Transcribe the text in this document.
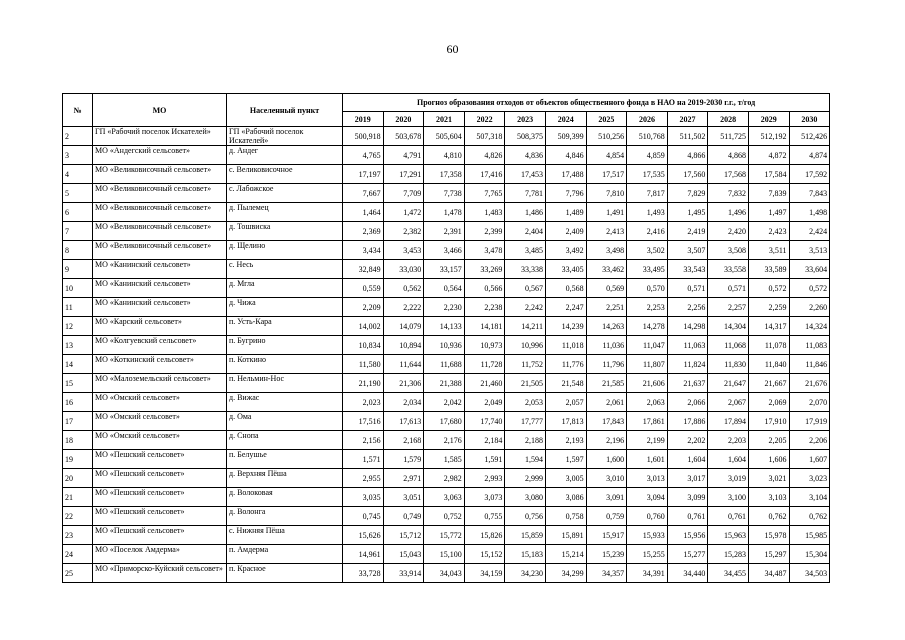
60
№	МО	Населенный пункт	Прогноз образования отходов от объектов общественного фонда в НАО на 2019-2030 г.г., т/год											
			2019	2020	2021	2022	2023	2024	2025	2026	2027	2028	2029	2030
2	ГП «Рабочий поселок Искателей»	ГП «Рабочий поселок Искателей»	500,918	503,678	505,604	507,318	508,375	509,399	510,256	510,768	511,502	511,725	512,192	512,426
3	МО «Андегский сельсовет»	д. Андег	4,765	4,791	4,810	4,826	4,836	4,846	4,854	4,859	4,866	4,868	4,872	4,874
4	МО «Великовисочный сельсовет»	с. Великовисочное	17,197	17,291	17,358	17,416	17,453	17,488	17,517	17,535	17,560	17,568	17,584	17,592
5	МО «Великовисочный сельсовет»	с. Лабожское	7,667	7,709	7,738	7,765	7,781	7,796	7,810	7,817	7,829	7,832	7,839	7,843
6	МО «Великовисочный сельсовет»	д. Пылемец	1,464	1,472	1,478	1,483	1,486	1,489	1,491	1,493	1,495	1,496	1,497	1,498
7	МО «Великовисочный сельсовет»	д. Тошвиска	2,369	2,382	2,391	2,399	2,404	2,409	2,413	2,416	2,419	2,420	2,423	2,424
8	МО «Великовисочный сельсовет»	д. Щелино	3,434	3,453	3,466	3,478	3,485	3,492	3,498	3,502	3,507	3,508	3,511	3,513
9	МО «Канинский сельсовет»	с. Несь	32,849	33,030	33,157	33,269	33,338	33,405	33,462	33,495	33,543	33,558	33,589	33,604
10	МО «Канинский сельсовет»	д. Мгла	0,559	0,562	0,564	0,566	0,567	0,568	0,569	0,570	0,571	0,571	0,572	0,572
11	МО «Канинский сельсовет»	д. Чижа	2,209	2,222	2,230	2,238	2,242	2,247	2,251	2,253	2,256	2,257	2,259	2,260
12	МО «Карский сельсовет»	п. Усть-Кара	14,002	14,079	14,133	14,181	14,211	14,239	14,263	14,278	14,298	14,304	14,317	14,324
13	МО «Колгуевский сельсовет»	п. Бугрино	10,834	10,894	10,936	10,973	10,996	11,018	11,036	11,047	11,063	11,068	11,078	11,083
14	МО «Коткинский сельсовет»	п. Коткино	11,580	11,644	11,688	11,728	11,752	11,776	11,796	11,807	11,824	11,830	11,840	11,846
15	МО «Малоземельский сельсовет»	п. Нельмин-Нос	21,190	21,306	21,388	21,460	21,505	21,548	21,585	21,606	21,637	21,647	21,667	21,676
16	МО «Омский сельсовет»	д. Вижас	2,023	2,034	2,042	2,049	2,053	2,057	2,061	2,063	2,066	2,067	2,069	2,070
17	МО «Омский сельсовет»	д. Ома	17,516	17,613	17,680	17,740	17,777	17,813	17,843	17,861	17,886	17,894	17,910	17,919
18	МО «Омский сельсовет»	д. Снопа	2,156	2,168	2,176	2,184	2,188	2,193	2,196	2,199	2,202	2,203	2,205	2,206
19	МО «Пешский сельсовет»	п. Белушье	1,571	1,579	1,585	1,591	1,594	1,597	1,600	1,601	1,604	1,604	1,606	1,607
20	МО «Пешский сельсовет»	д. Верхняя Пёша	2,955	2,971	2,982	2,993	2,999	3,005	3,010	3,013	3,017	3,019	3,021	3,023
21	МО «Пешский сельсовет»	д. Волоковая	3,035	3,051	3,063	3,073	3,080	3,086	3,091	3,094	3,099	3,100	3,103	3,104
22	МО «Пешский сельсовет»	д. Волонга	0,745	0,749	0,752	0,755	0,756	0,758	0,759	0,760	0,761	0,761	0,762	0,762
23	МО «Пешский сельсовет»	с. Нижняя Пёша	15,626	15,712	15,772	15,826	15,859	15,891	15,917	15,933	15,956	15,963	15,978	15,985
24	МО «Поселок Амдерма»	п. Амдерма	14,961	15,043	15,100	15,152	15,183	15,214	15,239	15,255	15,277	15,283	15,297	15,304
25	МО «Приморско-Куйский сельсовет»	п. Красное	33,728	33,914	34,043	34,159	34,230	34,299	34,357	34,391	34,440	34,455	34,487	34,503
